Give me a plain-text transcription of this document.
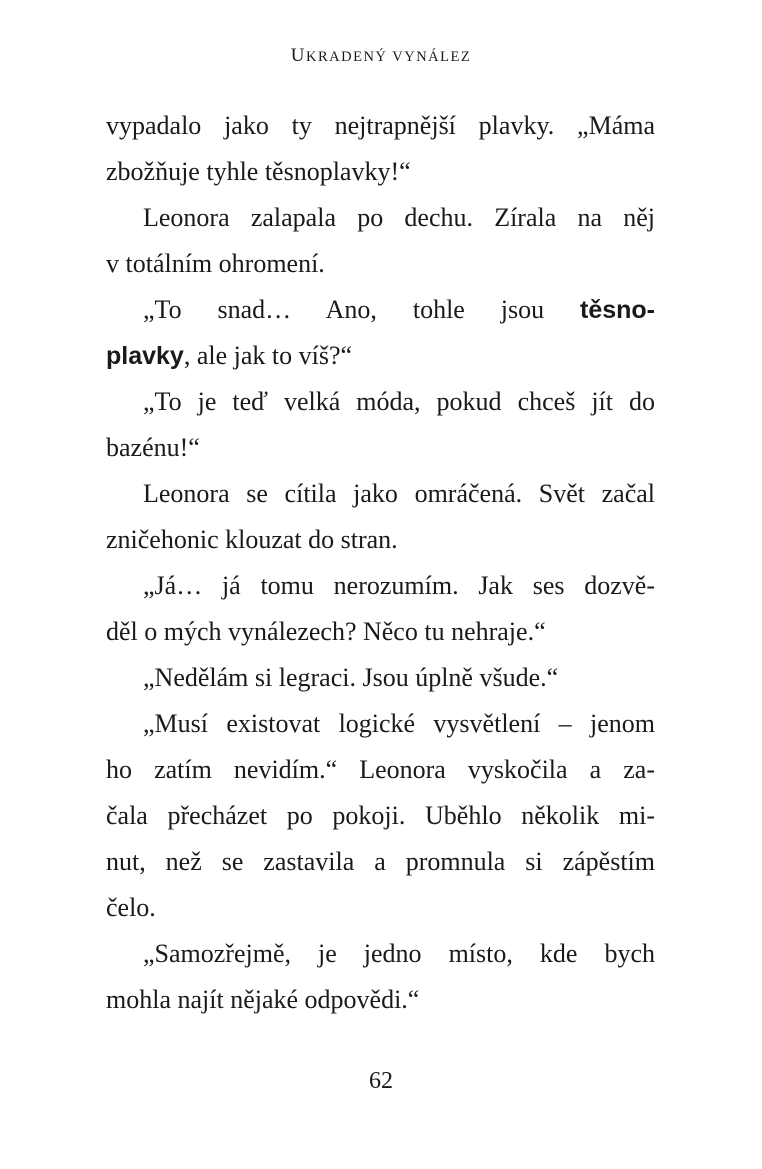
UKRADENÝ VYNÁLEZ

vypadalo jako ty nejtrapnější plavky. „Máma
zbožňuje tyhle těsnoplavky!“

Leonora zalapala po dechu. Zírala na něj
v totálním ohromení.

„To snad… Ano, tohle jsou těsno-
plavky, ale jak to víš?“

„To je teď velká móda, pokud chceš jít do
bazénu!“

Leonora se cítila jako omráčená. Svět začal
zničehonic klouzat do stran.

„Já… já tomu nerozumím. Jak ses dozvě-
děl o mých vynálezech? Něco tu nehraje.“

„Nedělám si legraci. Jsou úplně všude.“

„Musí existovat logické vysvětlení – jenom
ho zatím nevidím.“ Leonora vyskočila a za-
čala přecházet po pokoji. Uběhlo několik mi-
nut, než se zastavila a promnula si zápěstím
čelo.

„Samozřejmě, je jedno místo, kde bych
mohla najít nějaké odpovědi.“

62
